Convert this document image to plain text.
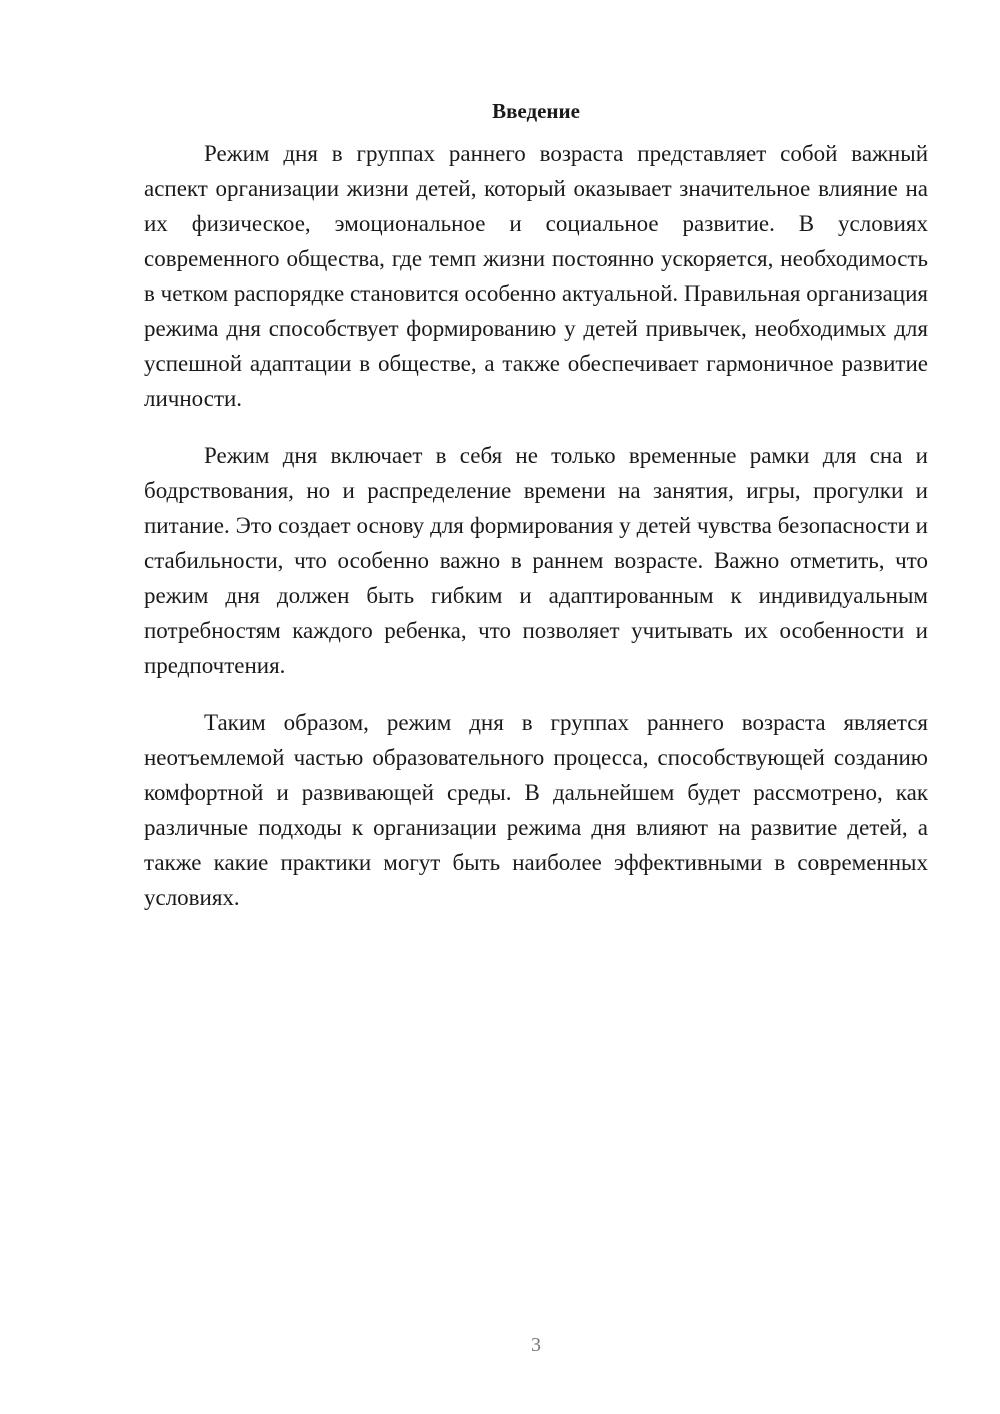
Введение

Режим дня в группах раннего возраста представляет собой важный аспект организации жизни детей, который оказывает значительное влияние на их физическое, эмоциональное и социальное развитие. В условиях современного общества, где темп жизни постоянно ускоряется, необходимость в четком распорядке становится особенно актуальной. Правильная организация режима дня способствует формированию у детей привычек, необходимых для успешной адаптации в обществе, а также обеспечивает гармоничное развитие личности.

Режим дня включает в себя не только временные рамки для сна и бодрствования, но и распределение времени на занятия, игры, прогулки и питание. Это создает основу для формирования у детей чувства безопасности и стабильности, что особенно важно в раннем возрасте. Важно отметить, что режим дня должен быть гибким и адаптированным к индивидуальным потребностям каждого ребенка, что позволяет учитывать их особенности и предпочтения.

Таким образом, режим дня в группах раннего возраста является неотъемлемой частью образовательного процесса, способствующей созданию комфортной и развивающей среды. В дальнейшем будет рассмотрено, как различные подходы к организации режима дня влияют на развитие детей, а также какие практики могут быть наиболее эффективными в современных условиях.

3
